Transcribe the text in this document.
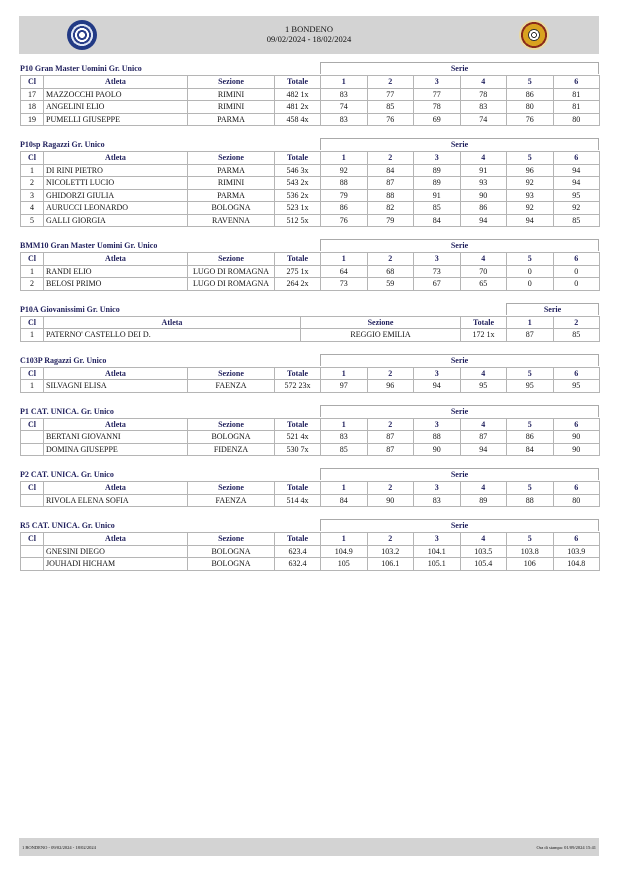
1 BONDENO
09/02/2024 - 18/02/2024
P10 Gran Master Uomini Gr. Unico	Serie
Cl	Atleta	Sezione	Totale	1	2	3	4	5	6
17	MAZZOCCHI PAOLO	RIMINI	482 1x	83	77	77	78	86	81
18	ANGELINI ELIO	RIMINI	481 2x	74	85	78	83	80	81
19	PUMELLI GIUSEPPE	PARMA	458 4x	83	76	69	74	76	80
P10sp Ragazzi Gr. Unico	Serie
Cl	Atleta	Sezione	Totale	1	2	3	4	5	6
1	DI RINI PIETRO	PARMA	546 3x	92	84	89	91	96	94
2	NICOLETTI LUCIO	RIMINI	543 2x	88	87	89	93	92	94
3	GHIDORZI GIULIA	PARMA	536 2x	79	88	91	90	93	95
4	AURUCCI LEONARDO	BOLOGNA	523 1x	86	82	85	86	92	92
5	GALLI GIORGIA	RAVENNA	512 5x	76	79	84	94	94	85
BMM10 Gran Master Uomini Gr. Unico	Serie
Cl	Atleta	Sezione	Totale	1	2	3	4	5	6
1	RANDI ELIO	LUGO DI ROMAGNA	275 1x	64	68	73	70	0	0
2	BELOSI PRIMO	LUGO DI ROMAGNA	264 2x	73	59	67	65	0	0
P10A Giovanissimi Gr. Unico	Serie
Cl	Atleta	Sezione	Totale	1	2
1	PATERNO' CASTELLO DEI D.	REGGIO EMILIA	172 1x	87	85
C103P Ragazzi Gr. Unico	Serie
Cl	Atleta	Sezione	Totale	1	2	3	4	5	6
1	SILVAGNI ELISA	FAENZA	572 23x	97	96	94	95	95	95
P1 CAT. UNICA. Gr. Unico	Serie
Cl	Atleta	Sezione	Totale	1	2	3	4	5	6
	BERTANI GIOVANNI	BOLOGNA	521 4x	83	87	88	87	86	90
	DOMINA GIUSEPPE	FIDENZA	530 7x	85	87	90	94	84	90
P2 CAT. UNICA. Gr. Unico	Serie
Cl	Atleta	Sezione	Totale	1	2	3	4	5	6
	RIVOLA ELENA SOFIA	FAENZA	514 4x	84	90	83	89	88	80
R5 CAT. UNICA. Gr. Unico	Serie
Cl	Atleta	Sezione	Totale	1	2	3	4	5	6
	GNESINI DIEGO	BOLOGNA	623.4	104.9	103.2	104.1	103.5	103.8	103.9
	JOUHADI HICHAM	BOLOGNA	632.4	105	106.1	105.1	105.4	106	104.8
1 BONDENO - 09/02/2024 - 18/02/2024	Ora di stampa: 01/09/2024 15:41
